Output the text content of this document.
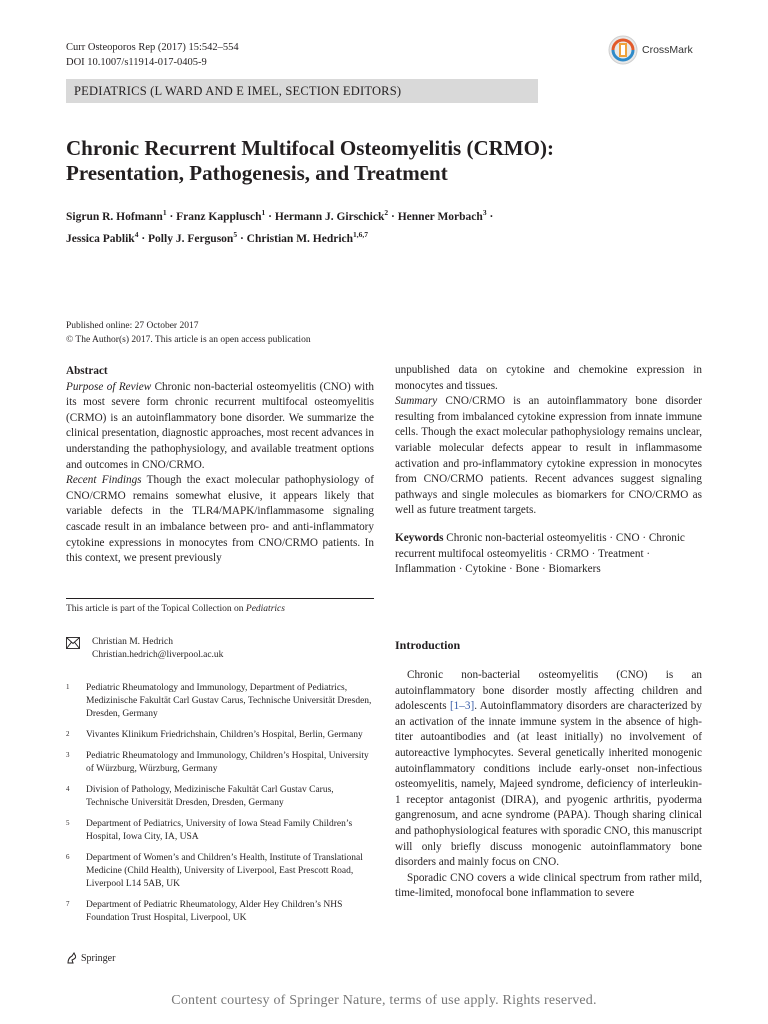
Curr Osteoporos Rep (2017) 15:542–554
DOI 10.1007/s11914-017-0405-9
CrossMark
PEDIATRICS (L WARD AND E IMEL, SECTION EDITORS)
Chronic Recurrent Multifocal Osteomyelitis (CRMO):
Presentation, Pathogenesis, and Treatment
Sigrun R. Hofmann$^1$ · Franz Kapplusch$^1$ · Hermann J. Girschick$^2$ · Henner Morbach$^3$ ·
Jessica Pablik$^4$ · Polly J. Ferguson$^5$ · Christian M. Hedrich$^{1,6,7}$
Published online: 27 October 2017
© The Author(s) 2017. This article is an open access publication

Abstract

Purpose of Review Chronic non-bacterial osteomyelitis (CNO) with its most severe form chronic recurrent multifocal osteomyelitis (CRMO) is an autoinflammatory bone disorder. We summarize the clinical presentation, diagnostic approaches, most recent advances in understanding the pathophysiology, and available treatment options and outcomes in CNO/CRMO.

Recent Findings Though the exact molecular pathophysiology of CNO/CRMO remains somewhat elusive, it appears likely that variable defects in the TLR4/MAPK/inflammasome signaling cascade result in an imbalance between pro- and anti-inflammatory cytokine expressions in monocytes from CNO/CRMO patients. In this context, we present previously

unpublished data on cytokine and chemokine expression in monocytes and tissues.

Summary CNO/CRMO is an autoinflammatory bone disorder resulting from imbalanced cytokine expression from innate immune cells. Though the exact molecular pathophysiology remains unclear, variable molecular defects appear to result in inflammasome activation and pro-inflammatory cytokine expression in monocytes from CNO/CRMO patients. Recent advances suggest signaling pathways and single molecules as biomarkers for CNO/CRMO as well as future treatment targets.

Keywords Chronic non-bacterial osteomyelitis · CNO · Chronic recurrent multifocal osteomyelitis · CRMO · Treatment · Inflammation · Cytokine · Bone · Biomarkers

This article is part of the Topical Collection on Pediatrics
Christian M. Hedrich
Christian.hedrich@liverpool.ac.uk
1	Pediatric Rheumatology and Immunology, Department of Pediatrics, Medizinische Fakultät Carl Gustav Carus, Technische Universität Dresden, Dresden, Germany
2	Vivantes Klinikum Friedrichshain, Children’s Hospital, Berlin, Germany
3	Pediatric Rheumatology and Immunology, Children’s Hospital, University of Würzburg, Würzburg, Germany
4	Division of Pathology, Medizinische Fakultät Carl Gustav Carus, Technische Universität Dresden, Dresden, Germany
5	Department of Pediatrics, University of Iowa Stead Family Children’s Hospital, Iowa City, IA, USA
6	Department of Women’s and Children’s Health, Institute of Translational Medicine (Child Health), University of Liverpool, East Prescott Road, Liverpool L14 5AB, UK
7	Department of Pediatric Rheumatology, Alder Hey Children’s NHS Foundation Trust Hospital, Liverpool, UK
Introduction

Chronic non-bacterial osteomyelitis (CNO) is an autoinflammatory bone disorder mostly affecting children and adolescents [1–3]. Autoinflammatory disorders are characterized by an activation of the innate immune system in the absence of high-titer autoantibodies and (at least initially) no involvement of autoreactive lymphocytes. Several genetically inherited monogenic autoinflammatory conditions include early-onset non-infectious osteomyelitis, namely, Majeed syndrome, deficiency of interleukin-1 receptor antagonist (DIRA), and pyogenic arthritis, pyoderma gangrenosum, and acne syndrome (PAPA). Though sharing clinical and pathophysiological features with sporadic CNO, this manuscript will only briefly discuss monogenic autoinflammatory bone disorders and mainly focus on CNO.

Sporadic CNO covers a wide clinical spectrum from rather mild, time-limited, monofocal bone inflammation to severe

Springer
Content courtesy of Springer Nature, terms of use apply. Rights reserved.
